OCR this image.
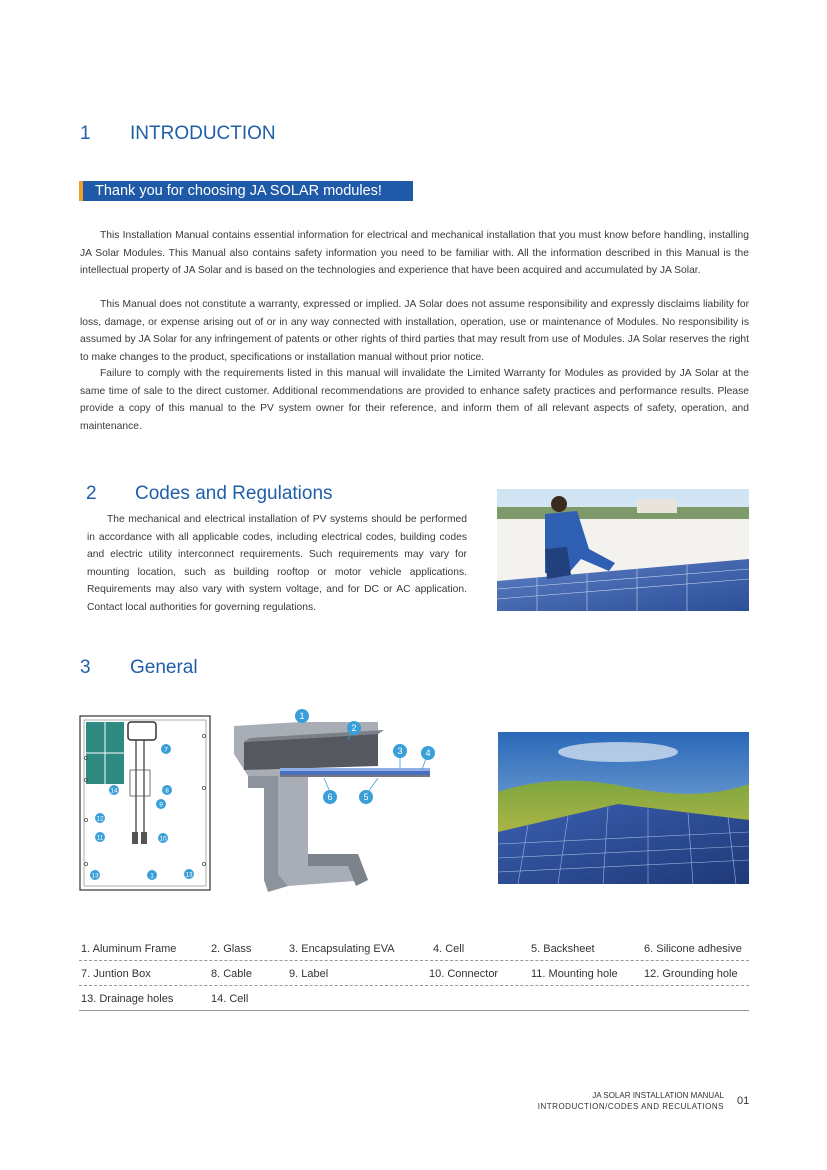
1 INTRODUCTION
Thank you for choosing JA SOLAR modules!

This Installation Manual contains essential information for electrical and mechanical installation that you must know before handling, installing JA Solar Modules. This Manual also contains safety information you need to be familiar with. All the information described in this Manual is the intellectual property of JA Solar and is based on the technologies and experience that have been acquired and accumulated by JA Solar.

This Manual does not constitute a warranty, expressed or implied. JA Solar does not assume responsibility and expressly disclaims liability for loss, damage, or expense arising out of or in any way connected with installation, operation, use or maintenance of Modules. No responsibility is assumed by JA Solar for any infringement of patents or other rights of third parties that may result from use of Modules. JA Solar reserves the right to make changes to the product, specifications or installation manual without prior notice.

Failure to comply with the requirements listed in this manual will invalidate the Limited Warranty for Modules as provided by JA Solar at the same time of sale to the direct customer. Additional recommendations are provided to enhance safety practices and performance results. Please provide a copy of this manual to the PV system owner for their reference, and inform them of all relevant aspects of safety, operation, and maintenance.

2 Codes and Regulations

The mechanical and electrical installation of PV systems should be performed in accordance with all applicable codes, including electrical codes, building codes and electric utility interconnect requirements. Such requirements may vary for mounting location, such as building rooftop or motor vehicle applications. Requirements may also vary with system voltage, and for DC or AC application. Contact local authorities for governing regulations.

3 General
7
14	8
9
12
11	10
13	1	13
1
2
3	4
6	5
1. Aluminum Frame	2. Glass	3. Encapsulating EVA	4. Cell	5. Backsheet	6. Silicone adhesive
7. Juntion Box	8. Cable	9. Label	10. Connector	11. Mounting hole 12. Grounding hole
13. Drainage holes	14. Cell
JA SOLAR INSTALLATION MANUAL
INTRODUCTION/CODES AND RECULATIONS 01
